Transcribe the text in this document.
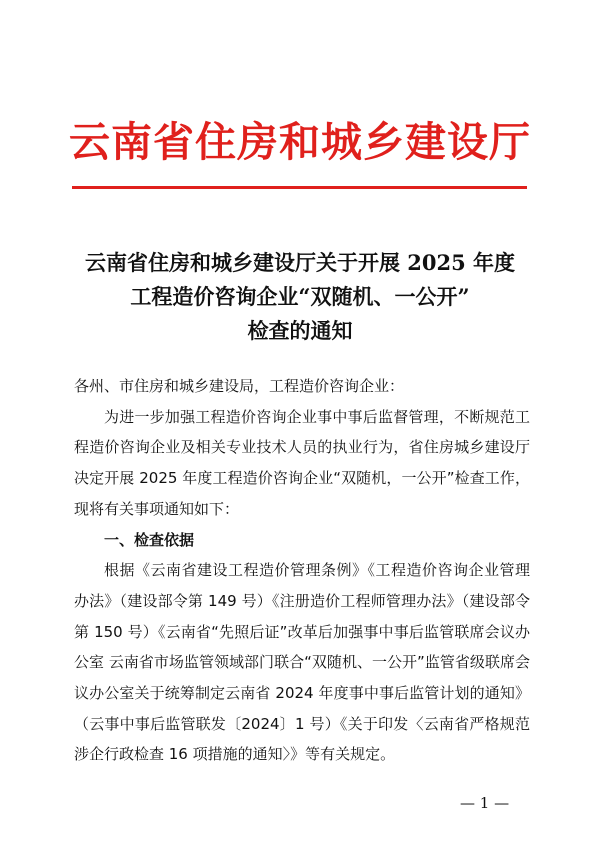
云南省住房和城乡建设厅
云南省住房和城乡建设厅关于开展 2025 年度
工程造价咨询企业“双随机、一公开”
检查的通知

各州、市住房和城乡建设局，工程造价咨询企业：

为进一步加强工程造价咨询企业事中事后监督管理，不断规范工程造价咨询企业及相关专业技术人员的执业行为，省住房城乡建设厅决定开展 2025 年度工程造价咨询企业“双随机，一公开”检查工作，现将有关事项通知如下：

一、检查依据

根据《云南省建设工程造价管理条例》《工程造价咨询企业管理办法》（建设部令第 149 号）《注册造价工程师管理办法》（建设部令第 150 号）《云南省“先照后证”改革后加强事中事后监管联席会议办公室 云南省市场监管领域部门联合“双随机、一公开”监管省级联席会议办公室关于统筹制定云南省 2024 年度事中事后监管计划的通知》（云事中事后监管联发〔2024〕1 号）《关于印发〈云南省严格规范涉企行政检查 16 项措施的通知〉》等有关规定。

— 1 —
